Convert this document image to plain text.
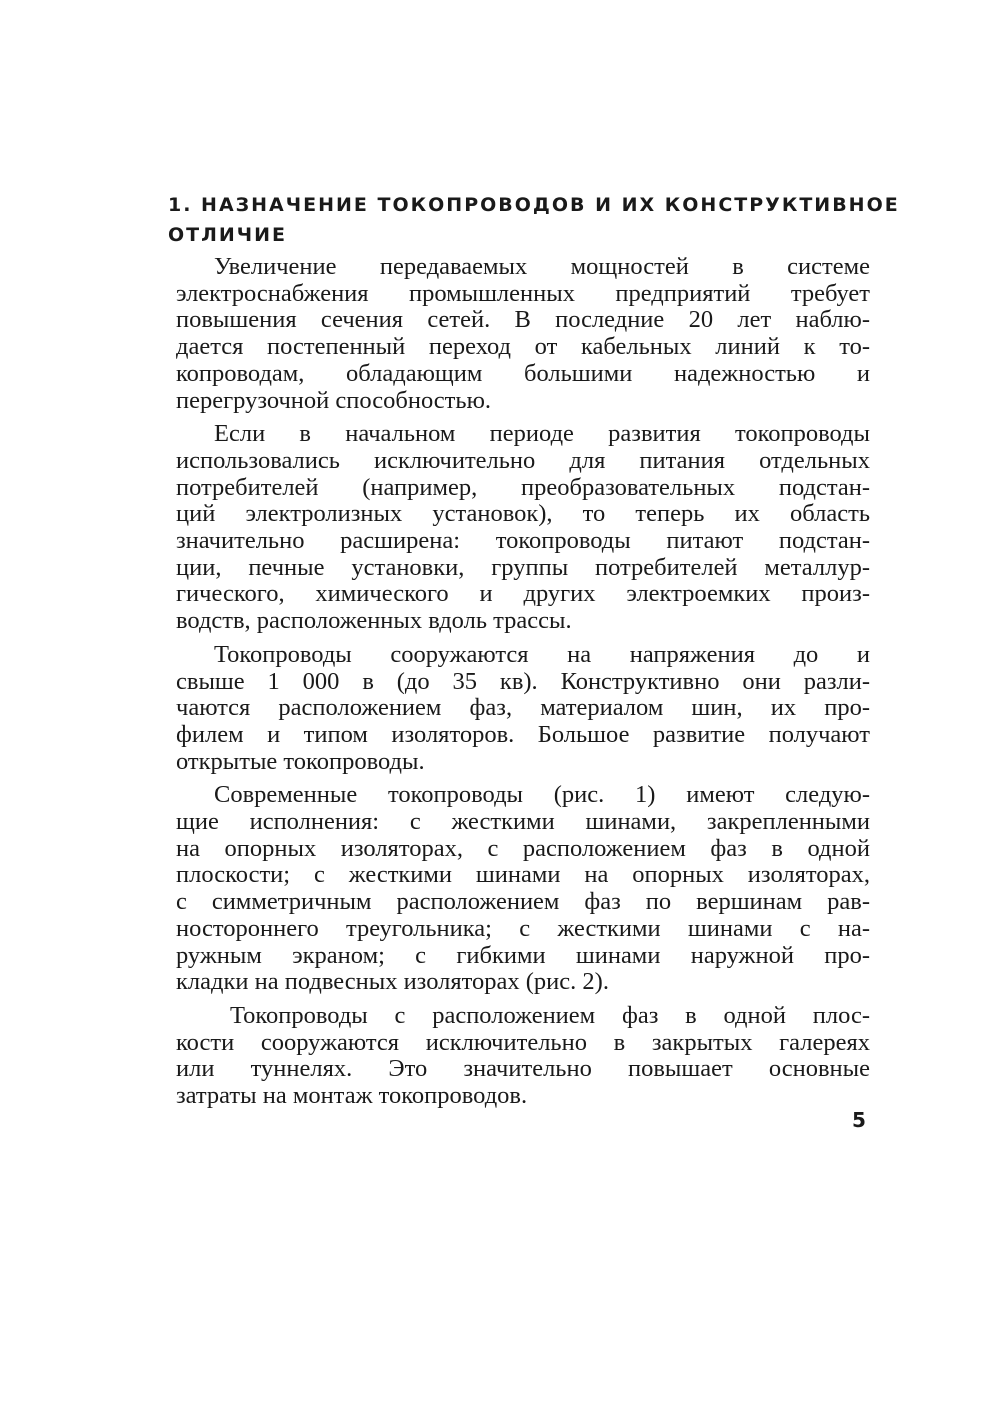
1. НАЗНАЧЕНИЕ ТОКОПРОВОДОВ И ИХ КОНСТРУКТИВНОЕ
ОТЛИЧИЕ
Увеличение передаваемых мощностей в системе
электроснабжения промышленных предприятий требует
повышения сечения сетей. В последние 20 лет наблю-
дается постепенный переход от кабельных линий к то-
копроводам, обладающим большими надежностью и
перегрузочной способностью.
Если в начальном периоде развития токопроводы
использовались исключительно для питания отдельных
потребителей (например, преобразовательных подстан-
ций электролизных установок), то теперь их область
значительно расширена: токопроводы питают подстан-
ции, печные установки, группы потребителей металлур-
гического, химического и других электроемких произ-
водств, расположенных вдоль трассы.
Токопроводы сооружаются на напряжения до и
свыше 1 000 в (до 35 кв). Конструктивно они разли-
чаются расположением фаз, материалом шин, их про-
филем и типом изоляторов. Большое развитие получают
открытые токопроводы.
Современные токопроводы (рис. 1) имеют следую-
щие исполнения: с жесткими шинами, закрепленными
на опорных изоляторах, с расположением фаз в одной
плоскости; с жесткими шинами на опорных изоляторах,
с симметричным расположением фаз по вершинам рав-
ностороннего треугольника; с жесткими шинами с на-
ружным экраном; с гибкими шинами наружной про-
кладки на подвесных изоляторах (рис. 2).
Токопроводы с расположением фаз в одной плос-
кости сооружаются исключительно в закрытых галереях
или туннелях. Это значительно повышает основные
затраты на монтаж токопроводов.
5
